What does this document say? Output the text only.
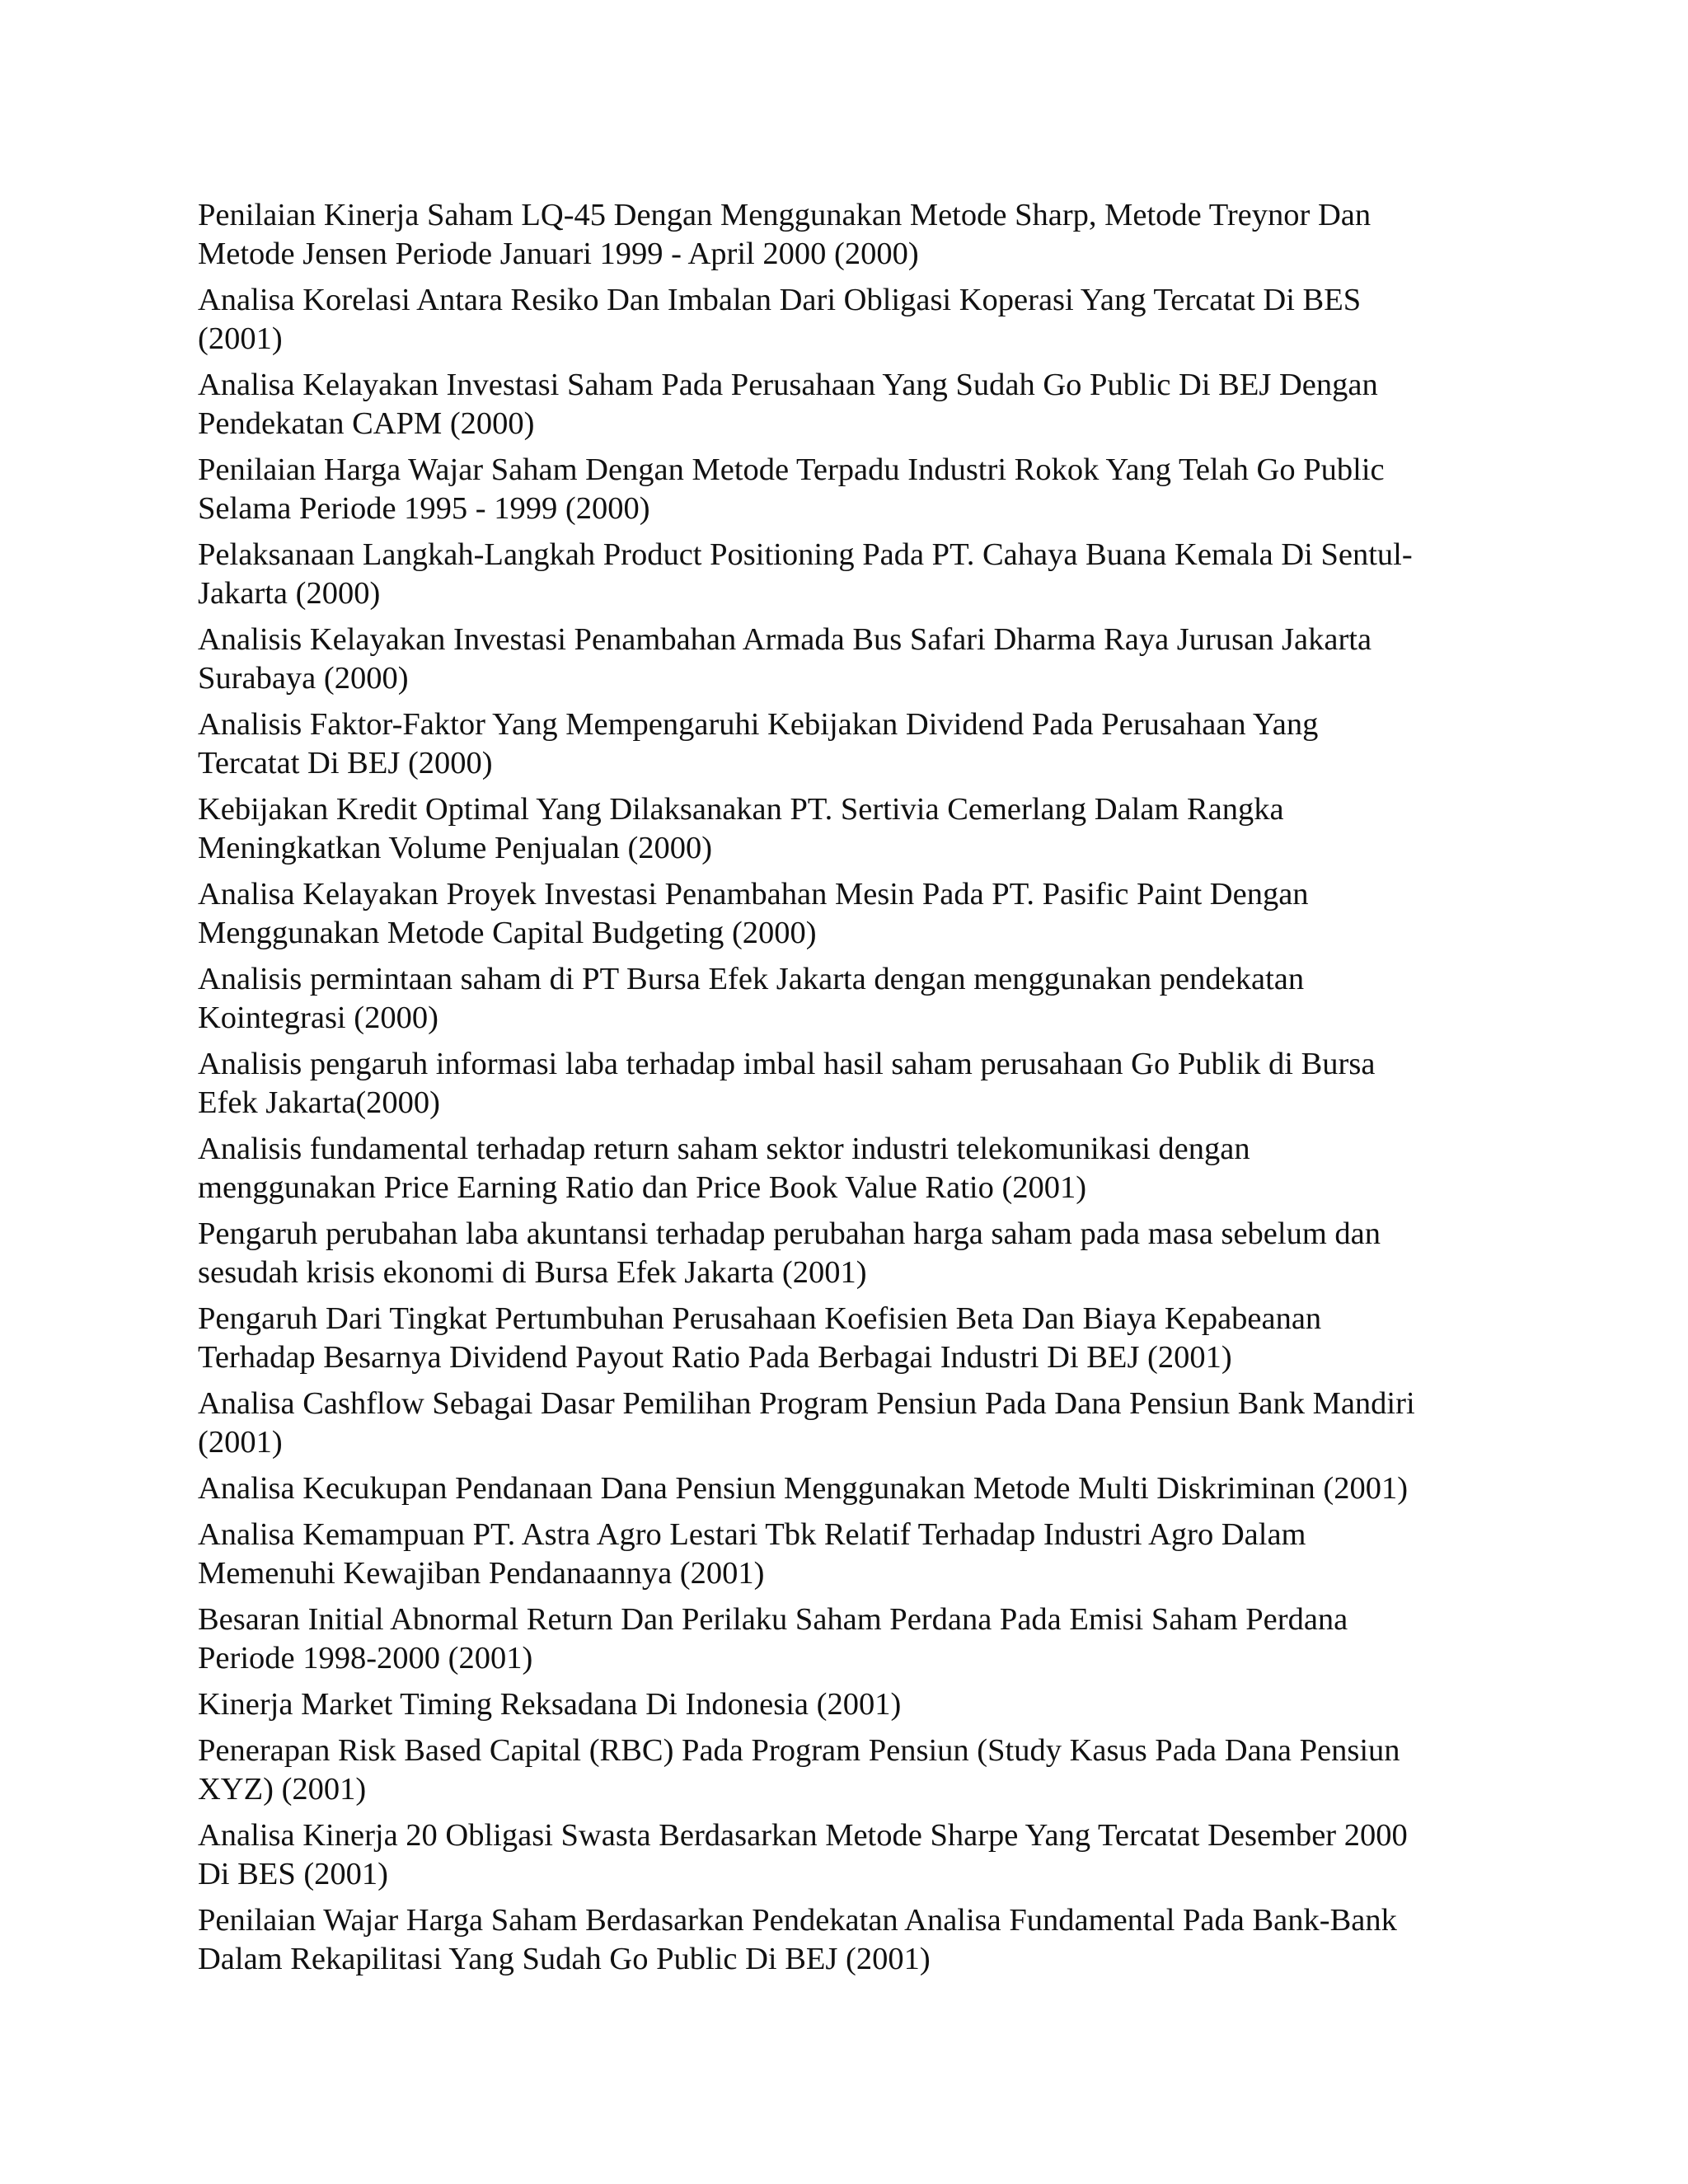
Penilaian Kinerja Saham LQ-45 Dengan Menggunakan Metode Sharp, Metode Treynor Dan
Metode Jensen Periode Januari 1999 - April 2000 (2000)
Analisa Korelasi Antara Resiko Dan Imbalan Dari Obligasi Koperasi Yang Tercatat Di BES
(2001)
Analisa Kelayakan Investasi Saham Pada Perusahaan Yang Sudah Go Public Di BEJ Dengan
Pendekatan CAPM (2000)
Penilaian Harga Wajar Saham Dengan Metode Terpadu Industri Rokok Yang Telah Go Public
Selama Periode 1995 - 1999 (2000)
Pelaksanaan Langkah-Langkah Product Positioning Pada PT. Cahaya Buana Kemala Di Sentul-
Jakarta (2000)
Analisis Kelayakan Investasi Penambahan Armada Bus Safari Dharma Raya Jurusan Jakarta
Surabaya (2000)
Analisis Faktor-Faktor Yang Mempengaruhi Kebijakan Dividend Pada Perusahaan Yang
Tercatat Di BEJ (2000)
Kebijakan Kredit Optimal Yang Dilaksanakan PT. Sertivia Cemerlang Dalam Rangka
Meningkatkan Volume Penjualan (2000)
Analisa Kelayakan Proyek Investasi Penambahan Mesin Pada PT. Pasific Paint Dengan
Menggunakan Metode Capital Budgeting (2000)
Analisis permintaan saham di PT Bursa Efek Jakarta dengan menggunakan pendekatan
Kointegrasi (2000)
Analisis pengaruh informasi laba terhadap imbal hasil saham perusahaan Go Publik di Bursa
Efek Jakarta(2000)
Analisis fundamental terhadap return saham sektor industri telekomunikasi dengan
menggunakan Price Earning Ratio dan Price Book Value Ratio (2001)
Pengaruh perubahan laba akuntansi terhadap perubahan harga saham pada masa sebelum dan
sesudah krisis ekonomi di Bursa Efek Jakarta (2001)
Pengaruh Dari Tingkat Pertumbuhan Perusahaan Koefisien Beta Dan Biaya Kepabeanan
Terhadap Besarnya Dividend Payout Ratio Pada Berbagai Industri Di BEJ (2001)
Analisa Cashflow Sebagai Dasar Pemilihan Program Pensiun Pada Dana Pensiun Bank Mandiri
(2001)
Analisa Kecukupan Pendanaan Dana Pensiun Menggunakan Metode Multi Diskriminan (2001)
Analisa Kemampuan PT. Astra Agro Lestari Tbk Relatif Terhadap Industri Agro Dalam
Memenuhi Kewajiban Pendanaannya (2001)
Besaran Initial Abnormal Return Dan Perilaku Saham Perdana Pada Emisi Saham Perdana
Periode 1998-2000 (2001)
Kinerja Market Timing Reksadana Di Indonesia (2001)
Penerapan Risk Based Capital (RBC) Pada Program Pensiun (Study Kasus Pada Dana Pensiun
XYZ) (2001)
Analisa Kinerja 20 Obligasi Swasta Berdasarkan Metode Sharpe Yang Tercatat Desember 2000
Di BES (2001)
Penilaian Wajar Harga Saham Berdasarkan Pendekatan Analisa Fundamental Pada Bank-Bank
Dalam Rekapilitasi Yang Sudah Go Public Di BEJ (2001)
